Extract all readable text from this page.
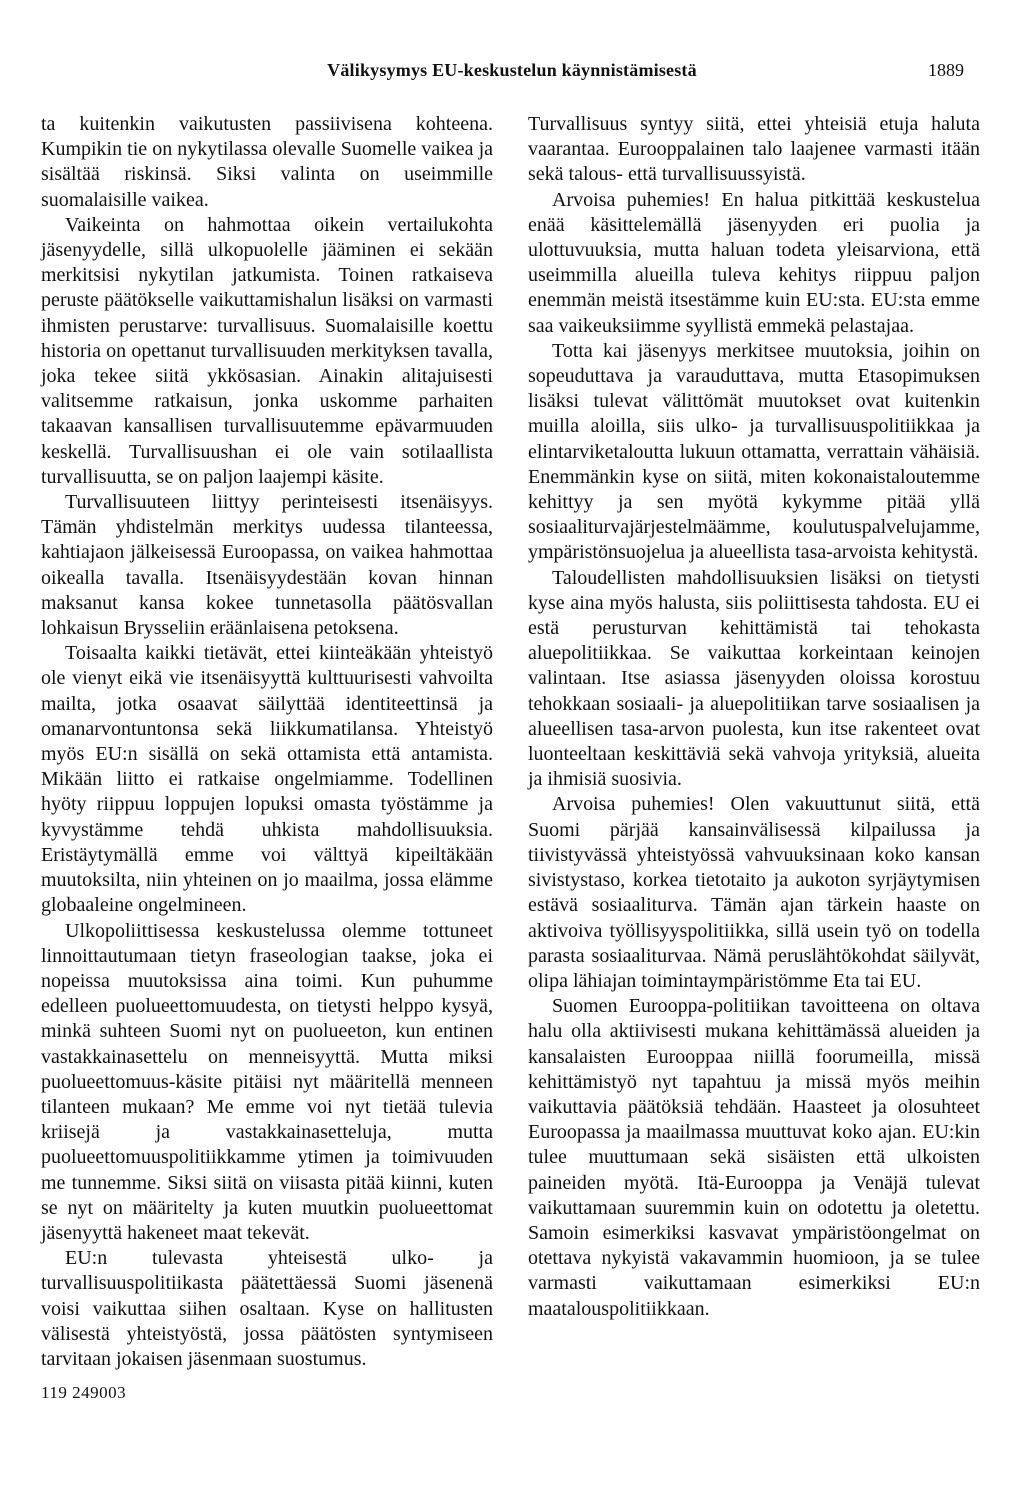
Välikysymys EU-keskustelun käynnistämisestä	1889

ta kuitenkin vaikutusten passiivisena kohteena. Kumpikin tie on nykytilassa olevalle Suomelle vaikea ja sisältää riskinsä. Siksi valinta on useimmille suomalaisille vaikea.

Vaikeinta on hahmottaa oikein vertailukohta jäsenyydelle, sillä ulkopuolelle jääminen ei sekään merkitsisi nykytilan jatkumista. Toinen ratkaiseva peruste päätökselle vaikuttamishalun lisäksi on varmasti ihmisten perustarve: turvallisuus. Suomalaisille koettu historia on opettanut turvallisuuden merkityksen tavalla, joka tekee siitä ykkösasian. Ainakin alitajuisesti valitsemme ratkaisun, jonka uskomme parhaiten takaavan kansallisen turvallisuutemme epävarmuuden keskellä. Turvallisuushan ei ole vain sotilaallista turvallisuutta, se on paljon laajempi käsite.

Turvallisuuteen liittyy perinteisesti itsenäisyys. Tämän yhdistelmän merkitys uudessa tilanteessa, kahtiajaon jälkeisessä Euroopassa, on vaikea hahmottaa oikealla tavalla. Itsenäisyydestään kovan hinnan maksanut kansa kokee tunnetasolla päätösvallan lohkaisun Brysseliin eräänlaisena petoksena.

Toisaalta kaikki tietävät, ettei kiinteäkään yhteistyö ole vienyt eikä vie itsenäisyyttä kulttuurisesti vahvoilta mailta, jotka osaavat säilyttää identiteettinsä ja omanarvontuntonsa sekä liikkumatilansa. Yhteistyö myös EU:n sisällä on sekä ottamista että antamista. Mikään liitto ei ratkaise ongelmiamme. Todellinen hyöty riippuu loppujen lopuksi omasta työstämme ja kyvystämme tehdä uhkista mahdollisuuksia. Eristäytymällä emme voi välttyä kipeiltäkään muutoksilta, niin yhteinen on jo maailma, jossa elämme globaaleine ongelmineen.

Ulkopoliittisessa keskustelussa olemme tottuneet linnoittautumaan tietyn fraseologian taakse, joka ei nopeissa muutoksissa aina toimi. Kun puhumme edelleen puolueettomuudesta, on tietysti helppo kysyä, minkä suhteen Suomi nyt on puolueeton, kun entinen vastakkainasettelu on menneisyyttä. Mutta miksi puolueettomuus-käsite pitäisi nyt määritellä menneen tilanteen mukaan? Me emme voi nyt tietää tulevia kriisejä ja vastakkainasetteluja, mutta puolueettomuuspolitiikkamme ytimen ja toimivuuden me tunnemme. Siksi siitä on viisasta pitää kiinni, kuten se nyt on määritelty ja kuten muutkin puolueettomat jäsenyyttä hakeneet maat tekevät.

EU:n tulevasta yhteisestä ulko- ja turvallisuuspolitiikasta päätettäessä Suomi jäsenenä voisi vaikuttaa siihen osaltaan. Kyse on hallitusten välisestä yhteistyöstä, jossa päätösten syntymiseen tarvitaan jokaisen jäsenmaan suostumus.

Turvallisuus syntyy siitä, ettei yhteisiä etuja haluta vaarantaa. Eurooppalainen talo laajenee varmasti itään sekä talous- että turvallisuussyistä.

Arvoisa puhemies! En halua pitkittää keskustelua enää käsittelemällä jäsenyyden eri puolia ja ulottuvuuksia, mutta haluan todeta yleisarviona, että useimmilla alueilla tuleva kehitys riippuu paljon enemmän meistä itsestämme kuin EU:sta. EU:sta emme saa vaikeuksiimme syyllistä emmekä pelastajaa.

Totta kai jäsenyys merkitsee muutoksia, joihin on sopeuduttava ja varauduttava, mutta Etasopimuksen lisäksi tulevat välittömät muutokset ovat kuitenkin muilla aloilla, siis ulko- ja turvallisuuspolitiikkaa ja elintarviketaloutta lukuun ottamatta, verrattain vähäisiä. Enemmänkin kyse on siitä, miten kokonaistaloutemme kehittyy ja sen myötä kykymme pitää yllä sosiaaliturvajärjestelmäämme, koulutuspalvelujamme, ympäristönsuojelua ja alueellista tasa-arvoista kehitystä.

Taloudellisten mahdollisuuksien lisäksi on tietysti kyse aina myös halusta, siis poliittisesta tahdosta. EU ei estä perusturvan kehittämistä tai tehokasta aluepolitiikkaa. Se vaikuttaa korkeintaan keinojen valintaan. Itse asiassa jäsenyyden oloissa korostuu tehokkaan sosiaali- ja aluepolitiikan tarve sosiaalisen ja alueellisen tasa-arvon puolesta, kun itse rakenteet ovat luonteeltaan keskittäviä sekä vahvoja yrityksiä, alueita ja ihmisiä suosivia.

Arvoisa puhemies! Olen vakuuttunut siitä, että Suomi pärjää kansainvälisessä kilpailussa ja tiivistyvässä yhteistyössä vahvuuksinaan koko kansan sivistystaso, korkea tietotaito ja aukoton syrjäytymisen estävä sosiaaliturva. Tämän ajan tärkein haaste on aktivoiva työllisyyspolitiikka, sillä usein työ on todella parasta sosiaaliturvaa. Nämä peruslähtökohdat säilyvät, olipa lähiajan toimintaympäristömme Eta tai EU.

Suomen Eurooppa-politiikan tavoitteena on oltava halu olla aktiivisesti mukana kehittämässä alueiden ja kansalaisten Eurooppaa niillä foorumeilla, missä kehittämistyö nyt tapahtuu ja missä myös meihin vaikuttavia päätöksiä tehdään. Haasteet ja olosuhteet Euroopassa ja maailmassa muuttuvat koko ajan. EU:kin tulee muuttumaan sekä sisäisten että ulkoisten paineiden myötä. Itä-Eurooppa ja Venäjä tulevat vaikuttamaan suuremmin kuin on odotettu ja oletettu. Samoin esimerkiksi kasvavat ympäristöongelmat on otettava nykyistä vakavammin huomioon, ja se tulee varmasti vaikuttamaan esimerkiksi EU:n maatalouspolitiikkaan.

119 249003
